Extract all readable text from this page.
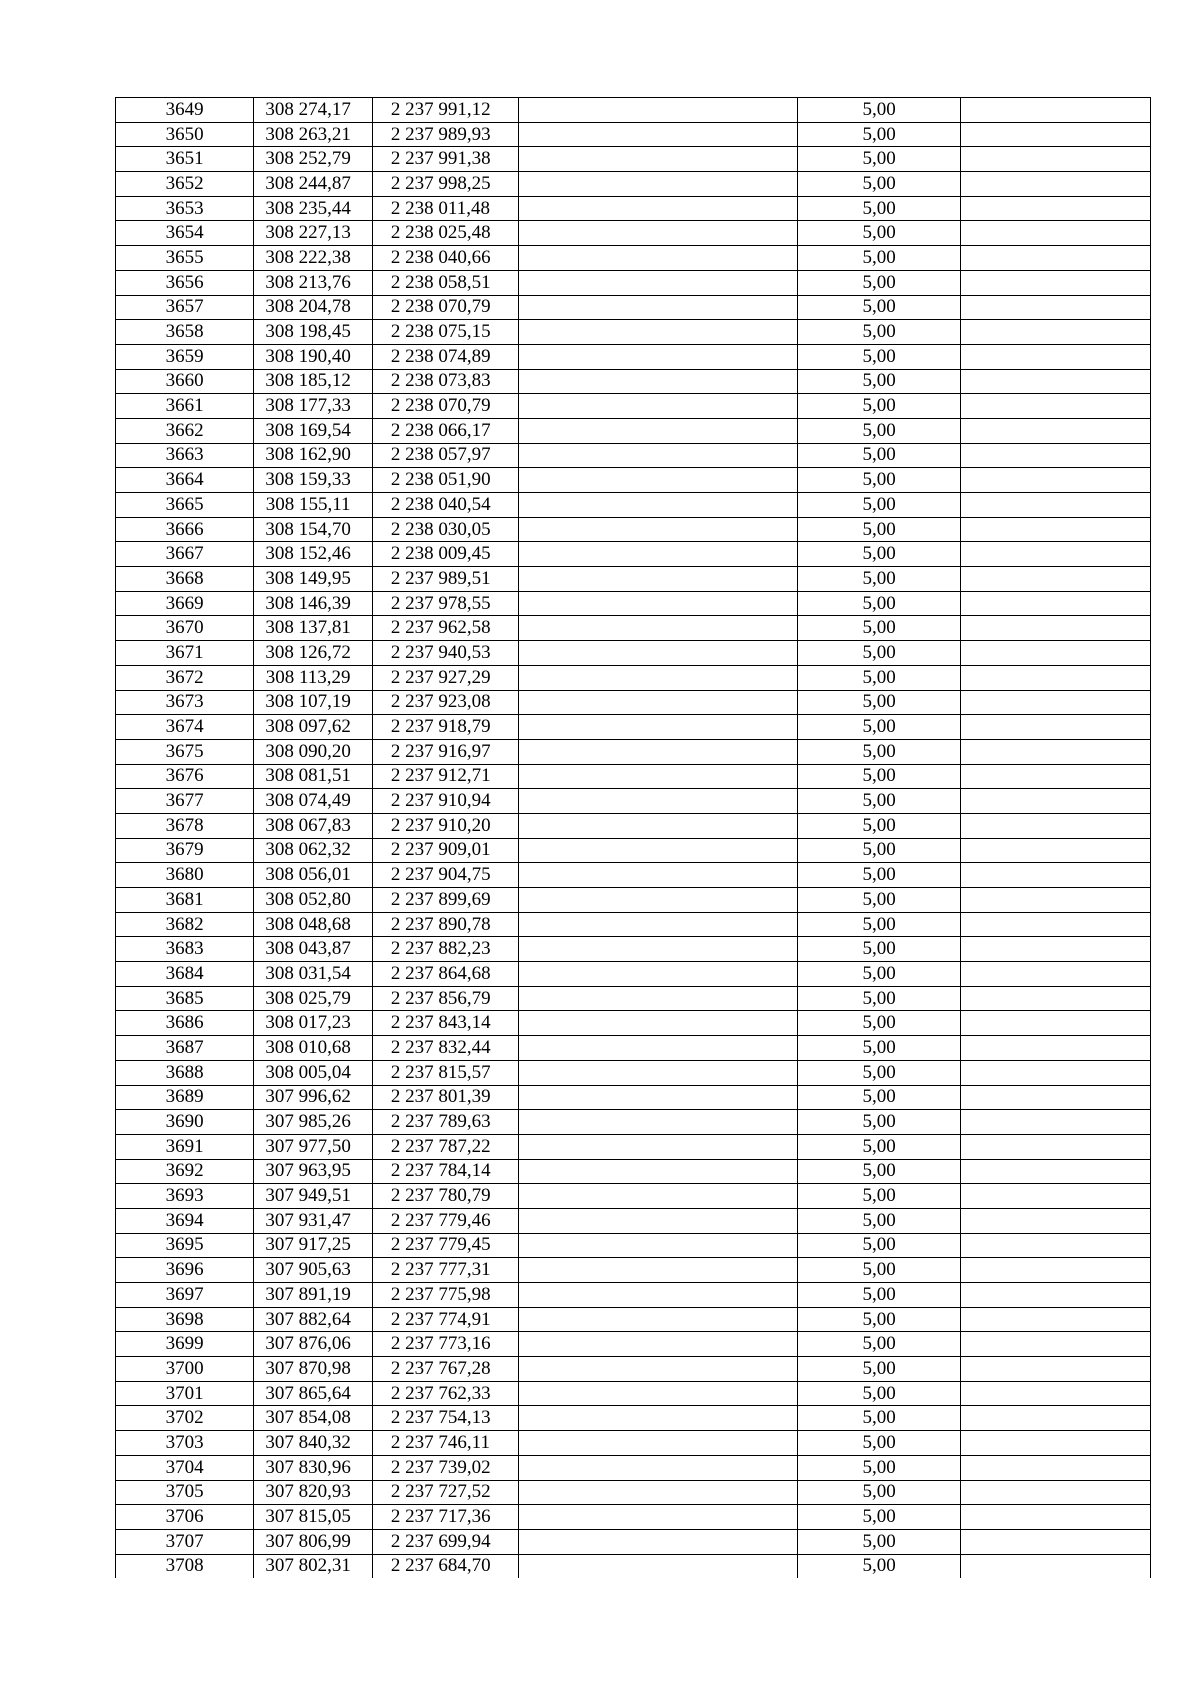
3649	308 274,17	2 237 991,12		5,00	
3650	308 263,21	2 237 989,93		5,00	
3651	308 252,79	2 237 991,38		5,00	
3652	308 244,87	2 237 998,25		5,00	
3653	308 235,44	2 238 011,48		5,00	
3654	308 227,13	2 238 025,48		5,00	
3655	308 222,38	2 238 040,66		5,00	
3656	308 213,76	2 238 058,51		5,00	
3657	308 204,78	2 238 070,79		5,00	
3658	308 198,45	2 238 075,15		5,00	
3659	308 190,40	2 238 074,89		5,00	
3660	308 185,12	2 238 073,83		5,00	
3661	308 177,33	2 238 070,79		5,00	
3662	308 169,54	2 238 066,17		5,00	
3663	308 162,90	2 238 057,97		5,00	
3664	308 159,33	2 238 051,90		5,00	
3665	308 155,11	2 238 040,54		5,00	
3666	308 154,70	2 238 030,05		5,00	
3667	308 152,46	2 238 009,45		5,00	
3668	308 149,95	2 237 989,51		5,00	
3669	308 146,39	2 237 978,55		5,00	
3670	308 137,81	2 237 962,58		5,00	
3671	308 126,72	2 237 940,53		5,00	
3672	308 113,29	2 237 927,29		5,00	
3673	308 107,19	2 237 923,08		5,00	
3674	308 097,62	2 237 918,79		5,00	
3675	308 090,20	2 237 916,97		5,00	
3676	308 081,51	2 237 912,71		5,00	
3677	308 074,49	2 237 910,94		5,00	
3678	308 067,83	2 237 910,20		5,00	
3679	308 062,32	2 237 909,01		5,00	
3680	308 056,01	2 237 904,75		5,00	
3681	308 052,80	2 237 899,69		5,00	
3682	308 048,68	2 237 890,78		5,00	
3683	308 043,87	2 237 882,23		5,00	
3684	308 031,54	2 237 864,68		5,00	
3685	308 025,79	2 237 856,79		5,00	
3686	308 017,23	2 237 843,14		5,00	
3687	308 010,68	2 237 832,44		5,00	
3688	308 005,04	2 237 815,57		5,00	
3689	307 996,62	2 237 801,39		5,00	
3690	307 985,26	2 237 789,63		5,00	
3691	307 977,50	2 237 787,22		5,00	
3692	307 963,95	2 237 784,14		5,00	
3693	307 949,51	2 237 780,79		5,00	
3694	307 931,47	2 237 779,46		5,00	
3695	307 917,25	2 237 779,45		5,00	
3696	307 905,63	2 237 777,31		5,00	
3697	307 891,19	2 237 775,98		5,00	
3698	307 882,64	2 237 774,91		5,00	
3699	307 876,06	2 237 773,16		5,00	
3700	307 870,98	2 237 767,28		5,00	
3701	307 865,64	2 237 762,33		5,00	
3702	307 854,08	2 237 754,13		5,00	
3703	307 840,32	2 237 746,11		5,00	
3704	307 830,96	2 237 739,02		5,00	
3705	307 820,93	2 237 727,52		5,00	
3706	307 815,05	2 237 717,36		5,00	
3707	307 806,99	2 237 699,94		5,00	
3708	307 802,31	2 237 684,70		5,00	
